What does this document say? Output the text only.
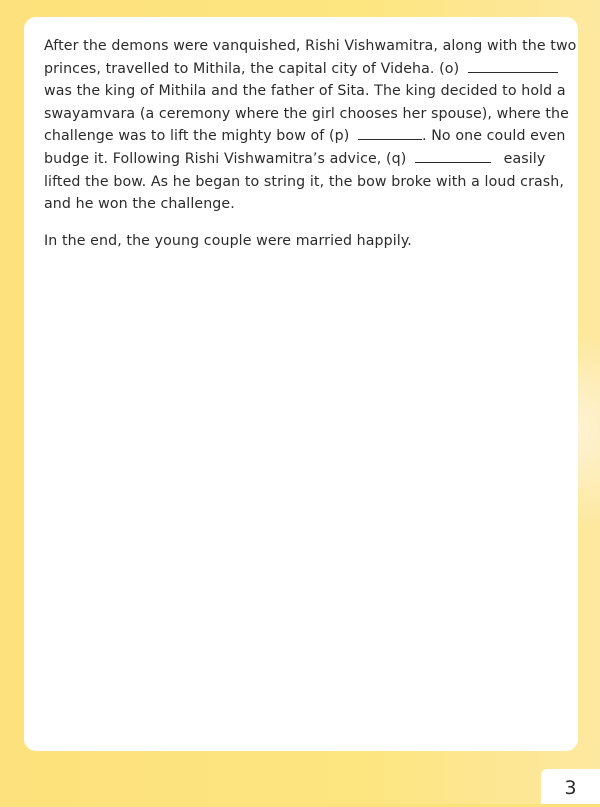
After the demons were vanquished, Rishi Vishwamitra, along with the two
princes, travelled to Mithila, the capital city of Videha. (o)
was the king of Mithila and the father of Sita. The king decided to hold a
swayamvara (a ceremony where the girl chooses her spouse), where the
challenge was to lift the mighty bow of (p)	. No one could even
budge it. Following Rishi Vishwamitra’s advice, (q)	easily
lifted the bow. As he began to string it, the bow broke with a loud crash,
and he won the challenge.
In the end, the young couple were married happily.
3
